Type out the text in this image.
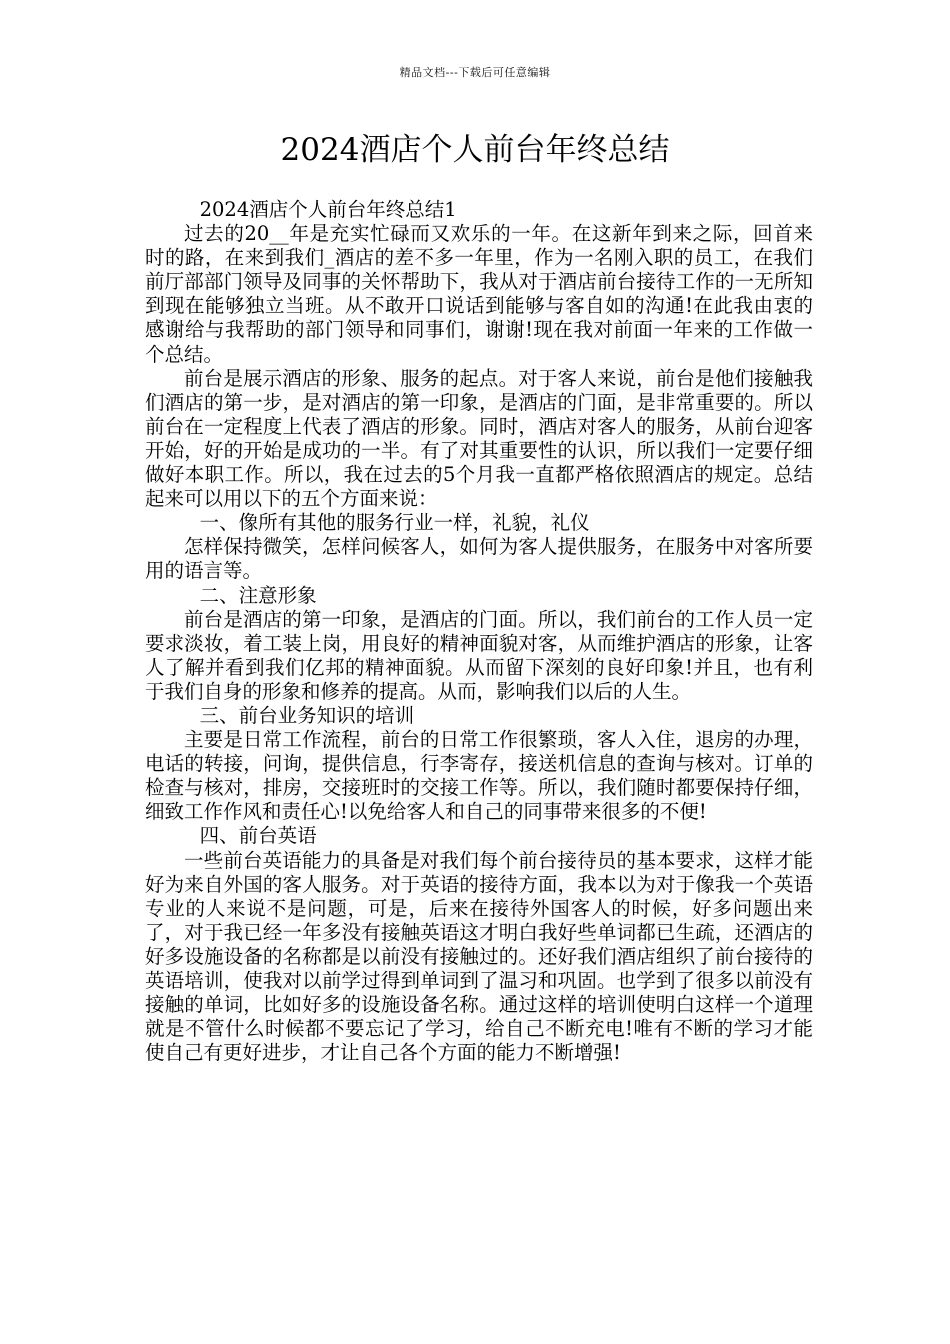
精品文档---下载后可任意编辑
2024酒店个人前台年终总结

2024酒店个人前台年终总结1

过去的20__年是充实忙碌而又欢乐的一年。在这新年到来之际，回首来时的路，在来到我们_酒店的差不多一年里，作为一名刚入职的员工，在我们前厅部部门领导及同事的关怀帮助下，我从对于酒店前台接待工作的一无所知到现在能够独立当班。从不敢开口说话到能够与客自如的沟通!在此我由衷的感谢给与我帮助的部门领导和同事们，谢谢!现在我对前面一年来的工作做一个总结。

前台是展示酒店的形象、服务的起点。对于客人来说，前台是他们接触我们酒店的第一步，是对酒店的第一印象，是酒店的门面，是非常重要的。所以前台在一定程度上代表了酒店的形象。同时，酒店对客人的服务，从前台迎客开始，好的开始是成功的一半。有了对其重要性的认识，所以我们一定要仔细做好本职工作。所以，我在过去的5个月我一直都严格依照酒店的规定。总结起来可以用以下的五个方面来说：

一、像所有其他的服务行业一样，礼貌，礼仪

怎样保持微笑，怎样问候客人，如何为客人提供服务，在服务中对客所要用的语言等。

二、注意形象

前台是酒店的第一印象，是酒店的门面。所以，我们前台的工作人员一定要求淡妆，着工装上岗，用良好的精神面貌对客，从而维护酒店的形象，让客人了解并看到我们亿邦的精神面貌。从而留下深刻的良好印象!并且，也有利于我们自身的形象和修养的提高。从而，影响我们以后的人生。

三、前台业务知识的培训

主要是日常工作流程，前台的日常工作很繁琐，客人入住，退房的办理，电话的转接，问询，提供信息，行李寄存，接送机信息的查询与核对。订单的检查与核对，排房，交接班时的交接工作等。所以，我们随时都要保持仔细，细致工作作风和责任心!以免给客人和自己的同事带来很多的不便!

四、前台英语

一些前台英语能力的具备是对我们每个前台接待员的基本要求，这样才能好为来自外国的客人服务。对于英语的接待方面，我本以为对于像我一个英语专业的人来说不是问题，可是，后来在接待外国客人的时候，好多问题出来了，对于我已经一年多没有接触英语这才明白我好些单词都已生疏，还酒店的好多设施设备的名称都是以前没有接触过的。还好我们酒店组织了前台接待的英语培训，使我对以前学过得到单词到了温习和巩固。也学到了很多以前没有接触的单词，比如好多的设施设备名称。通过这样的培训使明白这样一个道理就是不管什么时候都不要忘记了学习，给自己不断充电!唯有不断的学习才能使自己有更好进步，才让自己各个方面的能力不断增强!
